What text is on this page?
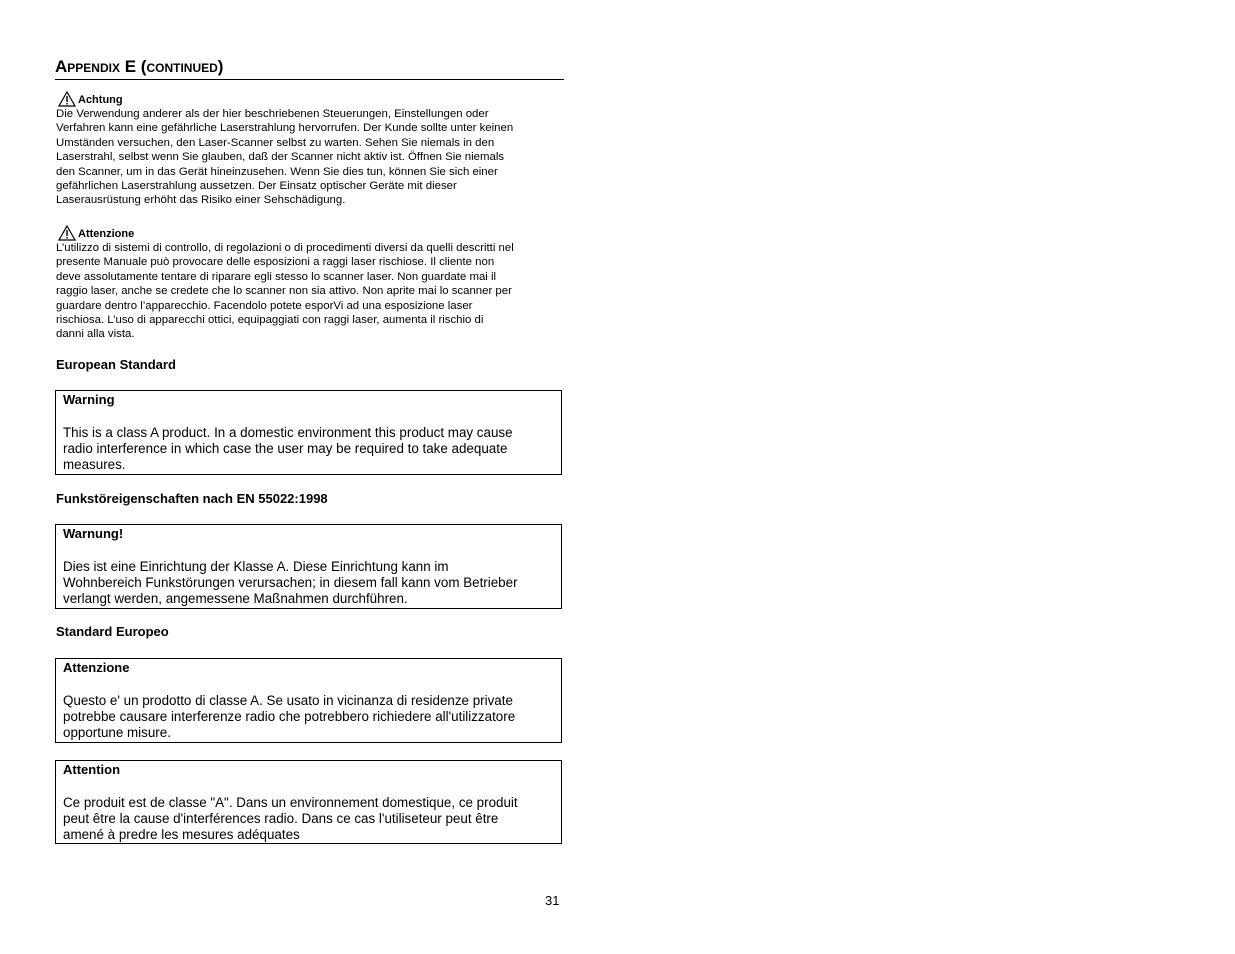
Appendix E (continued)
Achtung

Die Verwendung anderer als der hier beschriebenen Steuerungen, Einstellungen oder
Verfahren kann eine gefährliche Laserstrahlung hervorrufen. Der Kunde sollte unter keinen
Umständen versuchen, den Laser-Scanner selbst zu warten. Sehen Sie niemals in den
Laserstrahl, selbst wenn Sie glauben, daß der Scanner nicht aktiv ist. Öffnen Sie niemals
den Scanner, um in das Gerät hineinzusehen. Wenn Sie dies tun, können Sie sich einer
gefährlichen Laserstrahlung aussetzen. Der Einsatz optischer Geräte mit dieser
Laserausrüstung erhöht das Risiko einer Sehschädigung.

Attenzione

L’utilizzo di sistemi di controllo, di regolazioni o di procedimenti diversi da quelli descritti nel
presente Manuale può provocare delle esposizioni a raggi laser rischiose. Il cliente non
deve assolutamente tentare di riparare egli stesso lo scanner laser. Non guardate mai il
raggio laser, anche se credete che lo scanner non sia attivo. Non aprite mai lo scanner per
guardare dentro l’apparecchio. Facendolo potete esporVi ad una esposizione laser
rischiosa. L’uso di apparecchi ottici, equipaggiati con raggi laser, aumenta il rischio di
danni alla vista.

European Standard
Warning
This is a class A product. In a domestic environment this product may cause
radio interference in which case the user may be required to take adequate
measures.
Funkstöreigenschaften nach EN 55022:1998
Warnung!
Dies ist eine Einrichtung der Klasse A. Diese Einrichtung kann im
Wohnbereich Funkstörungen verursachen; in diesem fall kann vom Betrieber
verlangt werden, angemessene Maßnahmen durchführen.
Standard Europeo
Attenzione
Questo e' un prodotto di classe A. Se usato in vicinanza di residenze private
potrebbe causare interferenze radio che potrebbero richiedere all'utilizzatore
opportune misure.
Attention
Ce produit est de classe "A". Dans un environnement domestique, ce produit
peut être la cause d'interférences radio. Dans ce cas l'utiliseteur peut être
amené à predre les mesures adéquates
31
